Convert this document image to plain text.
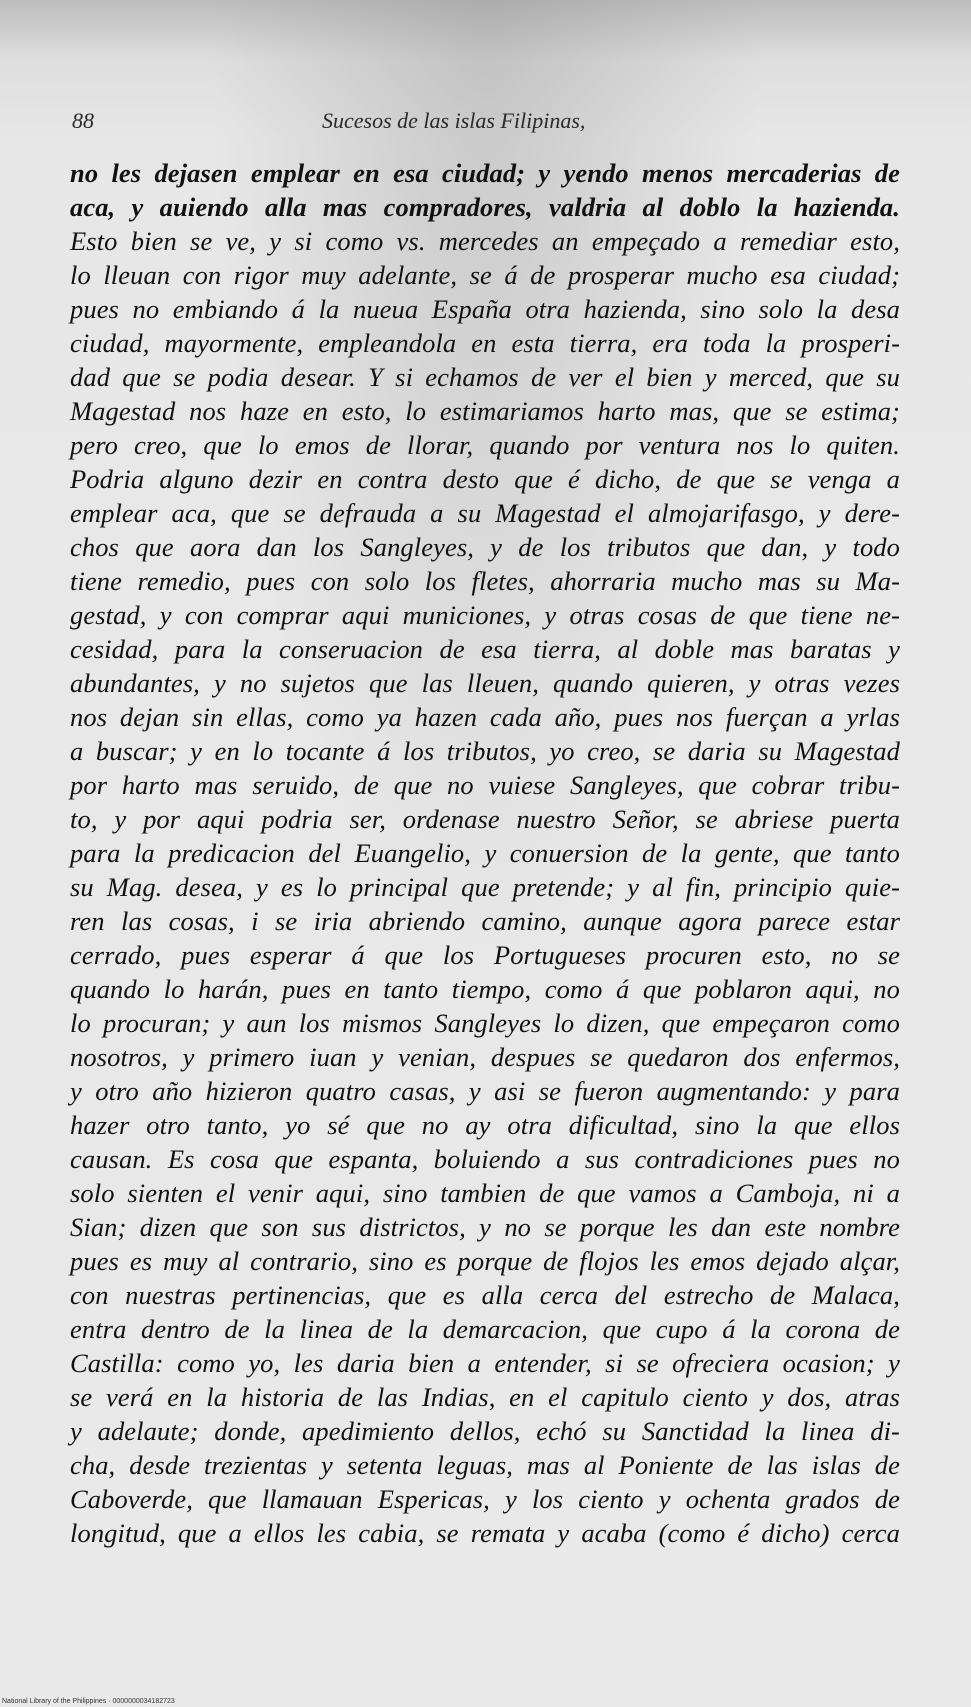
88	Sucesos de las islas Filipinas,
no les dejasen emplear en esa ciudad; y yendo menos mercaderias de
aca, y auiendo alla mas compradores, valdria al doblo la hazienda.
Esto bien se ve, y si como vs. mercedes an empeçado a remediar esto,
lo lleuan con rigor muy adelante, se á de prosperar mucho esa ciudad;
pues no embiando á la nueua España otra hazienda, sino solo la desa
ciudad, mayormente, empleandola en esta tierra, era toda la prosperi-
dad que se podia desear. Y si echamos de ver el bien y merced, que su
Magestad nos haze en esto, lo estimariamos harto mas, que se estima;
pero creo, que lo emos de llorar, quando por ventura nos lo quiten.
Podria alguno dezir en contra desto que é dicho, de que se venga a
emplear aca, que se defrauda a su Magestad el almojarifasgo, y dere-
chos que aora dan los Sangleyes, y de los tributos que dan, y todo
tiene remedio, pues con solo los fletes, ahorraria mucho mas su Ma-
gestad, y con comprar aqui municiones, y otras cosas de que tiene ne-
cesidad, para la conseruacion de esa tierra, al doble mas baratas y
abundantes, y no sujetos que las lleuen, quando quieren, y otras vezes
nos dejan sin ellas, como ya hazen cada año, pues nos fuerçan a yrlas
a buscar; y en lo tocante á los tributos, yo creo, se daria su Magestad
por harto mas seruido, de que no vuiese Sangleyes, que cobrar tribu-
to, y por aqui podria ser, ordenase nuestro Señor, se abriese puerta
para la predicacion del Euangelio, y conuersion de la gente, que tanto
su Mag. desea, y es lo principal que pretende; y al fin, principio quie-
ren las cosas, i se iria abriendo camino, aunque agora parece estar
cerrado, pues esperar á que los Portugueses procuren esto, no se
quando lo harán, pues en tanto tiempo, como á que poblaron aqui, no
lo procuran; y aun los mismos Sangleyes lo dizen, que empeçaron como
nosotros, y primero iuan y venian, despues se quedaron dos enfermos,
y otro año hizieron quatro casas, y asi se fueron augmentando: y para
hazer otro tanto, yo sé que no ay otra dificultad, sino la que ellos
causan. Es cosa que espanta, boluiendo a sus contradiciones pues no
solo sienten el venir aqui, sino tambien de que vamos a Camboja, ni a
Sian; dizen que son sus districtos, y no se porque les dan este nombre
pues es muy al contrario, sino es porque de flojos les emos dejado alçar,
con nuestras pertinencias, que es alla cerca del estrecho de Malaca,
entra dentro de la linea de la demarcacion, que cupo á la corona de
Castilla: como yo, les daria bien a entender, si se ofreciera ocasion; y
se verá en la historia de las Indias, en el capitulo ciento y dos, atras
y adelaute; donde, apedimiento dellos, echó su Sanctidad la linea di-
cha, desde trezientas y setenta leguas, mas al Poniente de las islas de
Caboverde, que llamauan Espericas, y los ciento y ochenta grados de
longitud, que a ellos les cabia, se remata y acaba (como é dicho) cerca
National Library of the Philippines · 0000000034182723
